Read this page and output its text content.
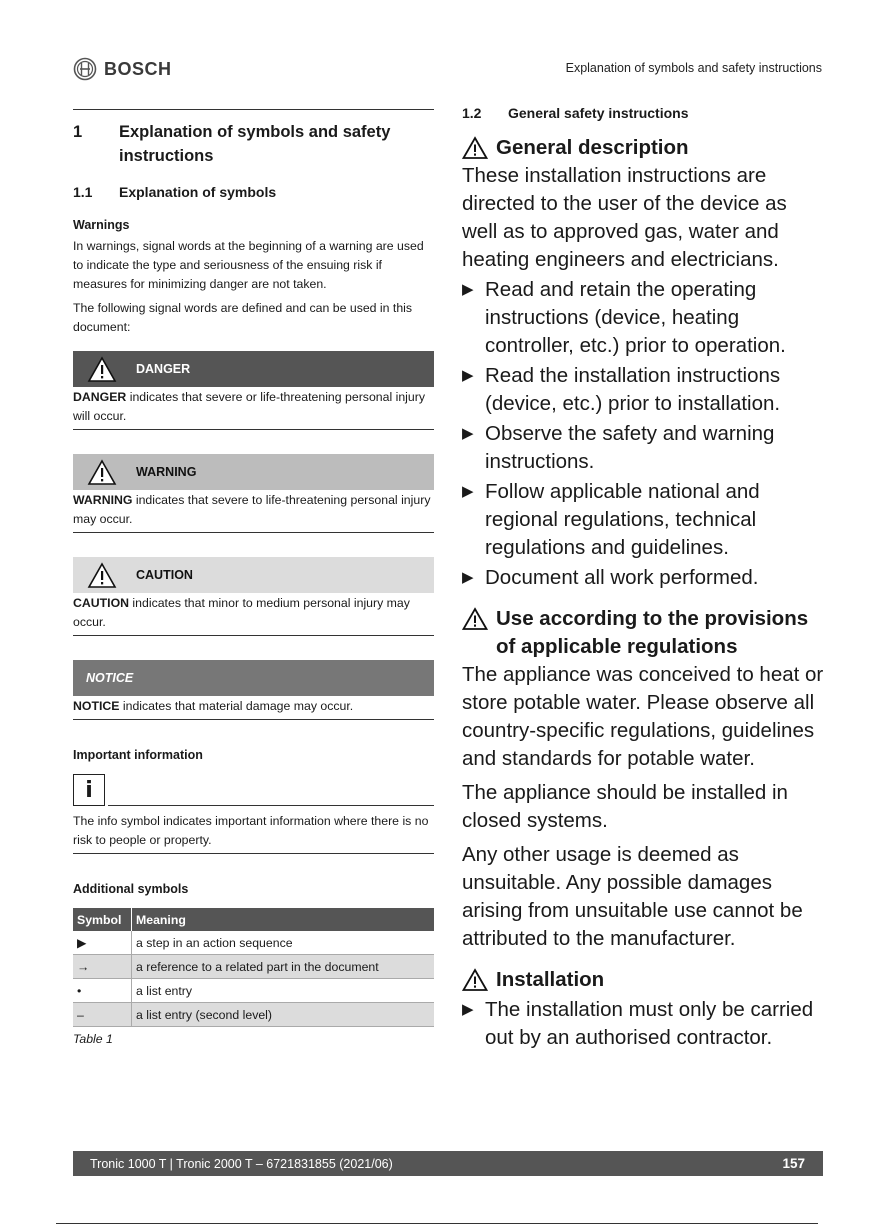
BOSCH	Explanation of symbols and safety instructions
1	Explanation of symbols and safety instructions
1.1	Explanation of symbols
Warnings
In warnings, signal words at the beginning of a warning are used to indicate the type and seriousness of the ensuing risk if measures for minimizing danger are not taken.
The following signal words are defined and can be used in this document:
DANGER
DANGER indicates that severe or life-threatening personal injury will occur.
WARNING
WARNING indicates that severe to life-threatening personal injury may occur.
CAUTION
CAUTION indicates that minor to medium personal injury may occur.
NOTICE
NOTICE indicates that material damage may occur.
Important information
i
The info symbol indicates important information where there is no risk to people or property.
Additional symbols
Symbol	Meaning
▶	a step in an action sequence
→	a reference to a related part in the document
•	a list entry
–	a list entry (second level)
Table 1
1.2	General safety instructions
General description
These installation instructions are directed to the user of the device as well as to approved gas, water and heating engineers and electricians.
▶ Read and retain the operating instructions (device, heating controller, etc.) prior to operation.
▶ Read the installation instructions (device, etc.) prior to installation.
▶ Observe the safety and warning instructions.
▶ Follow applicable national and regional regulations, technical regulations and guidelines.
▶ Document all work performed.
Use according to the provisions of applicable regulations
The appliance was conceived to heat or store potable water. Please observe all country-specific regulations, guidelines and standards for potable water.
The appliance should be installed in closed systems.
Any other usage is deemed as unsuitable. Any possible damages arising from unsuitable use cannot be attributed to the manufacturer.
Installation
▶ The installation must only be carried out by an authorised contractor.
Tronic 1000 T | Tronic 2000 T – 6721831855 (2021/06)	157
